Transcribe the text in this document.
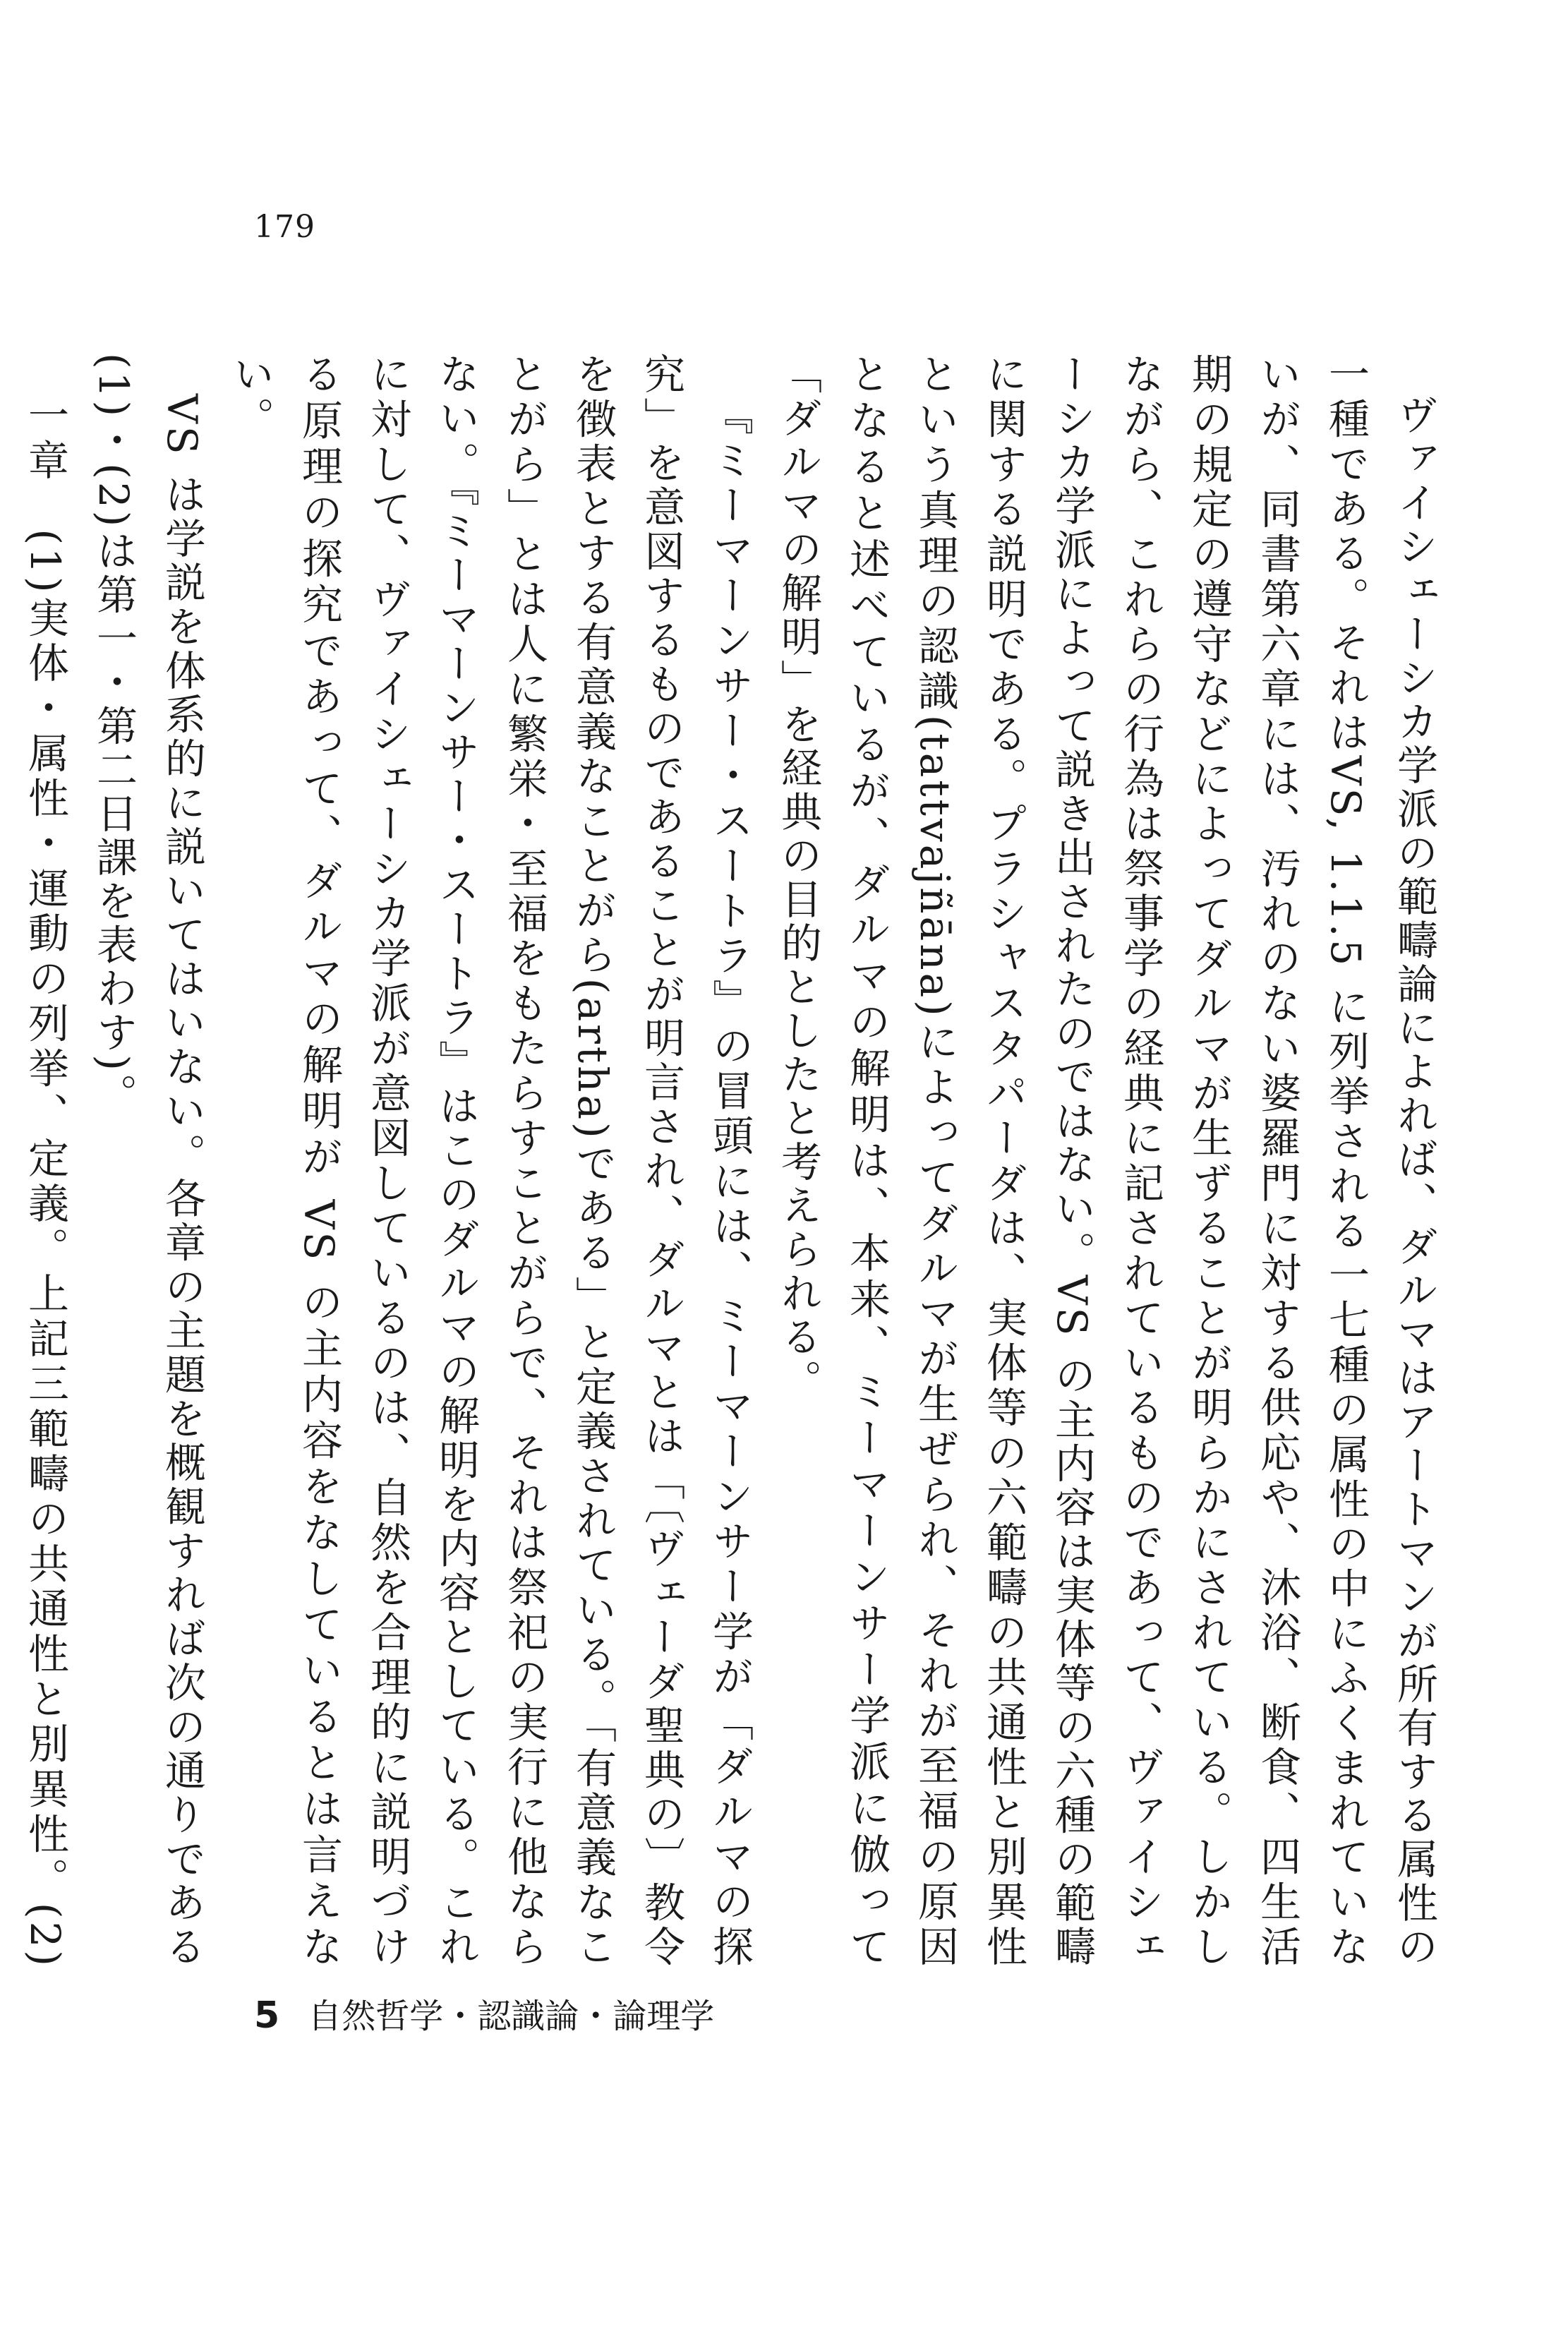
179

ヴァイシェーシカ学派の範疇論によれば、ダルマはアートマンが所有する属性の一種である。それはVS, 1.1.5 に列挙される一七種の属性の中にふくまれていないが、同書第六章には、汚れのない婆羅門に対する供応や、沐浴、断食、四生活期の規定の遵守などによってダルマが生ずることが明らかにされている。しかしながら、これらの行為は祭事学の経典に記されているものであって、ヴァイシェーシカ学派によって説き出されたのではない。VS の主内容は実体等の六種の範疇に関する説明である。プラシャスタパーダは、実体等の六範疇の共通性と別異性という真理の認識(tattvajñāna)によってダルマが生ぜられ、それが至福の原因となると述べているが、ダルマの解明は、本来、ミーマーンサー学派に倣って「ダルマの解明」を経典の目的としたと考えられる。

『ミーマーンサー・スートラ』の冒頭には、ミーマーンサー学が「ダルマの探究」を意図するものであることが明言され、ダルマとは「〔ヴェーダ聖典の〕教令を徴表とする有意義なことがら(artha)である」と定義されている。「有意義なことがら」とは人に繁栄・至福をもたらすことがらで、それは祭祀の実行に他ならない。『ミーマーンサー・スートラ』はこのダルマの解明を内容としている。これに対して、ヴァイシェーシカ学派が意図しているのは、自然を合理的に説明づける原理の探究であって、ダルマの解明が VS の主内容をなしているとは言えない。

VS は学説を体系的に説いてはいない。各章の主題を概観すれば次の通りである(1)・(2)は第一・第二日課を表わす)。

一章　(1)実体・属性・運動の列挙、定義。上記三範疇の共通性と別異性。(2)　

5 自然哲学・認識論・論理学
